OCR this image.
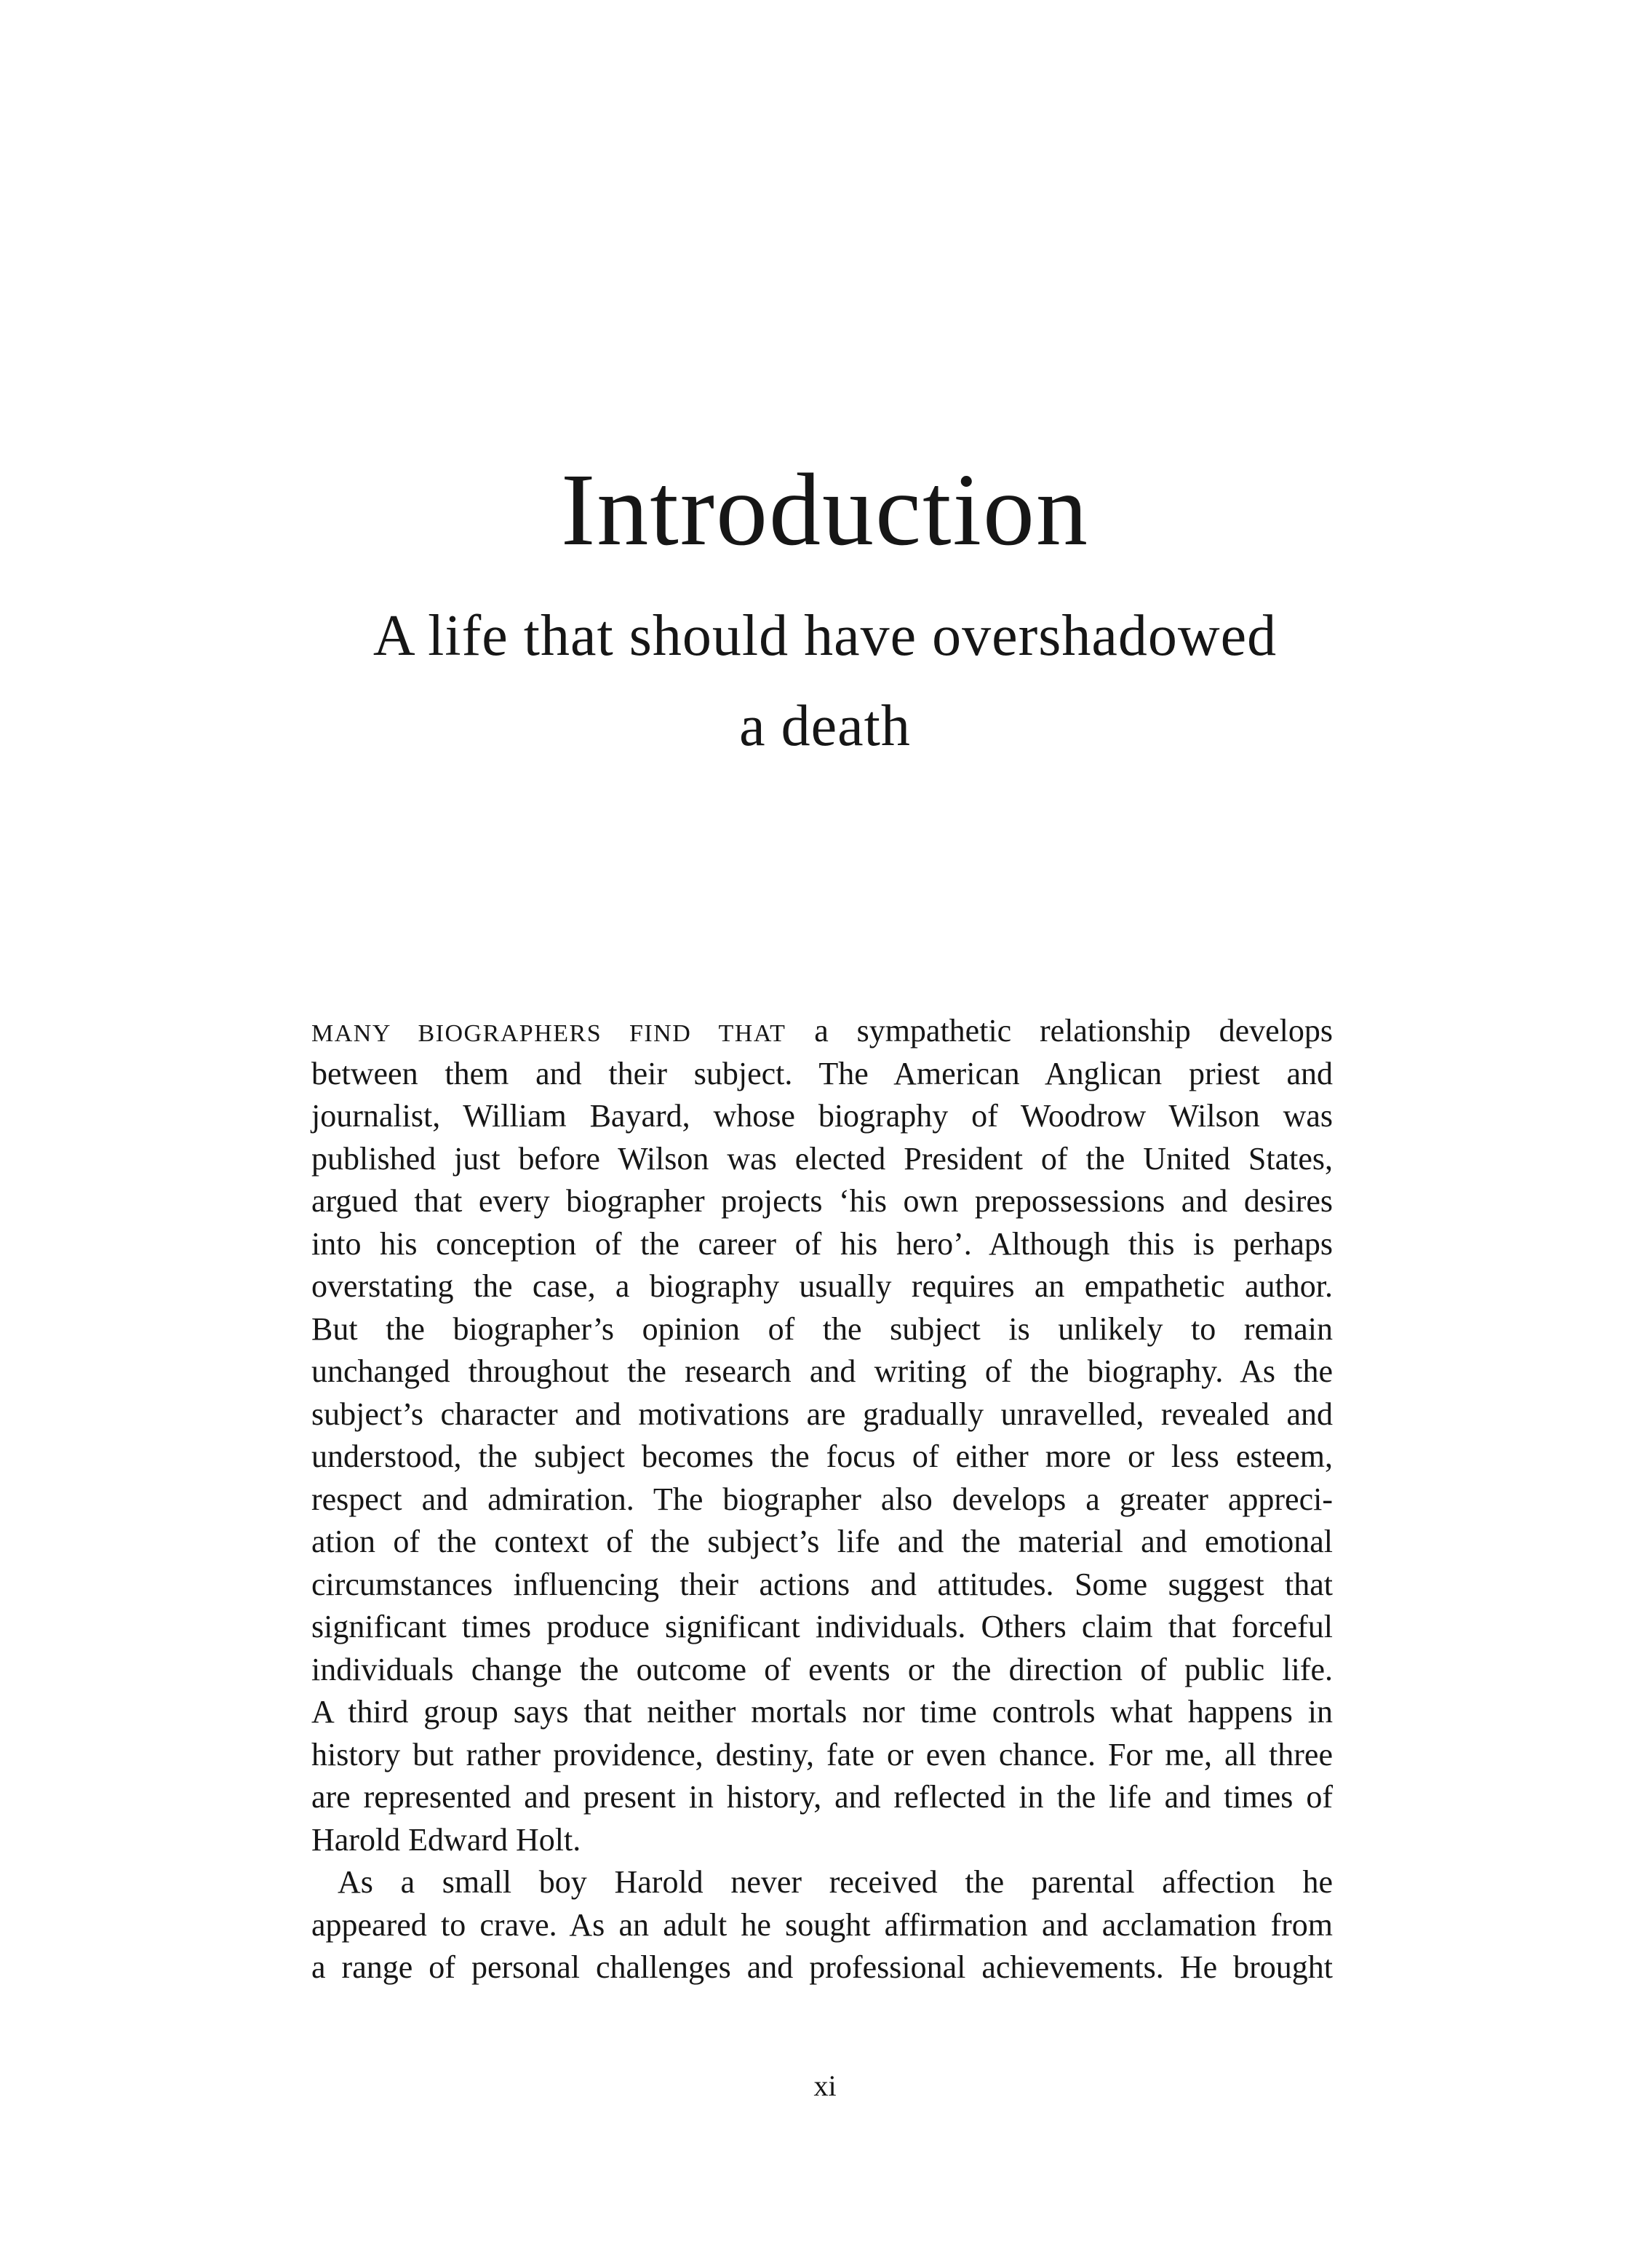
Introduction
A life that should have overshadowed
a death
MANY BIOGRAPHERS FIND THAT a sympathetic relationship develops
between them and their subject. The American Anglican priest and
journalist, William Bayard, whose biography of Woodrow Wilson was
published just before Wilson was elected President of the United States,
argued that every biographer projects ‘his own prepossessions and desires
into his conception of the career of his hero’. Although this is perhaps
overstating the case, a biography usually requires an empathetic author.
But the biographer’s opinion of the subject is unlikely to remain
unchanged throughout the research and writing of the biography. As the
subject’s character and motivations are gradually unravelled, revealed and
understood, the subject becomes the focus of either more or less esteem,
respect and admiration. The biographer also develops a greater appreci-
ation of the context of the subject’s life and the material and emotional
circumstances influencing their actions and attitudes. Some suggest that
significant times produce significant individuals. Others claim that forceful
individuals change the outcome of events or the direction of public life.
A third group says that neither mortals nor time controls what happens in
history but rather providence, destiny, fate or even chance. For me, all three
are represented and present in history, and reflected in the life and times of
Harold Edward Holt.
As a small boy Harold never received the parental affection he
appeared to crave. As an adult he sought affirmation and acclamation from
a range of personal challenges and professional achievements. He brought
xi
